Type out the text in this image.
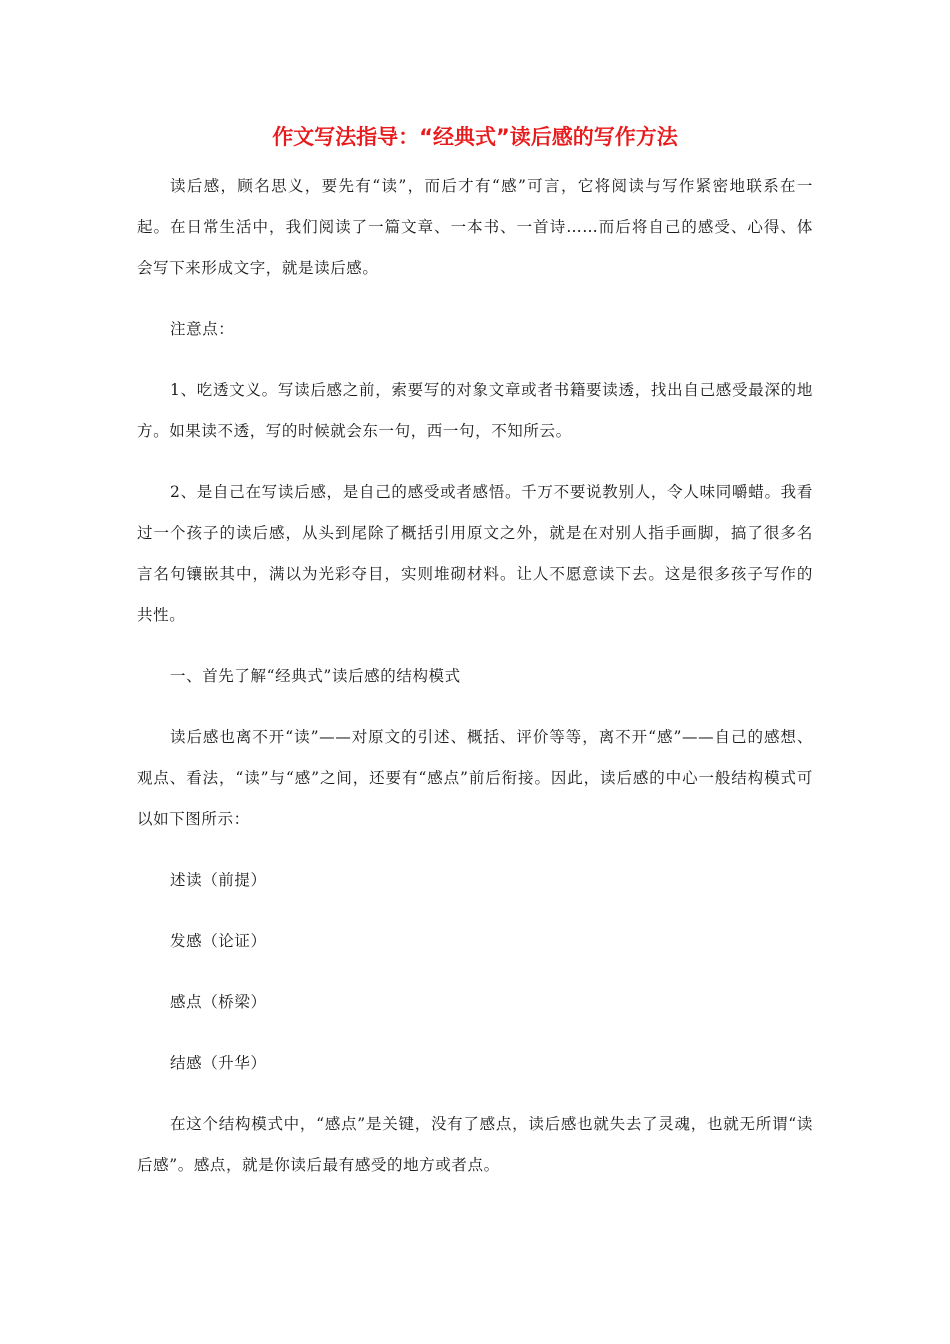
作文写法指导：“经典式”读后感的写作方法

读后感，顾名思义，要先有“读”，而后才有“感”可言，它将阅读与写作紧密地联系在一起。在日常生活中，我们阅读了一篇文章、一本书、一首诗……而后将自己的感受、心得、体会写下来形成文字，就是读后感。

注意点：

1、吃透文义。写读后感之前，索要写的对象文章或者书籍要读透，找出自己感受最深的地方。如果读不透，写的时候就会东一句，西一句，不知所云。

2、是自己在写读后感，是自己的感受或者感悟。千万不要说教别人，令人味同嚼蜡。我看过一个孩子的读后感，从头到尾除了概括引用原文之外，就是在对别人指手画脚，搞了很多名言名句镶嵌其中，满以为光彩夺目，实则堆砌材料。让人不愿意读下去。这是很多孩子写作的共性。

一、首先了解“经典式”读后感的结构模式

读后感也离不开“读”——对原文的引述、概括、评价等等，离不开“感”——自己的感想、观点、看法，“读”与“感”之间，还要有“感点”前后衔接。因此，读后感的中心一般结构模式可以如下图所示：

述读（前提）

发感（论证）

感点（桥梁）

结感（升华）

在这个结构模式中，“感点”是关键，没有了感点，读后感也就失去了灵魂，也就无所谓“读后感”。感点，就是你读后最有感受的地方或者点。
